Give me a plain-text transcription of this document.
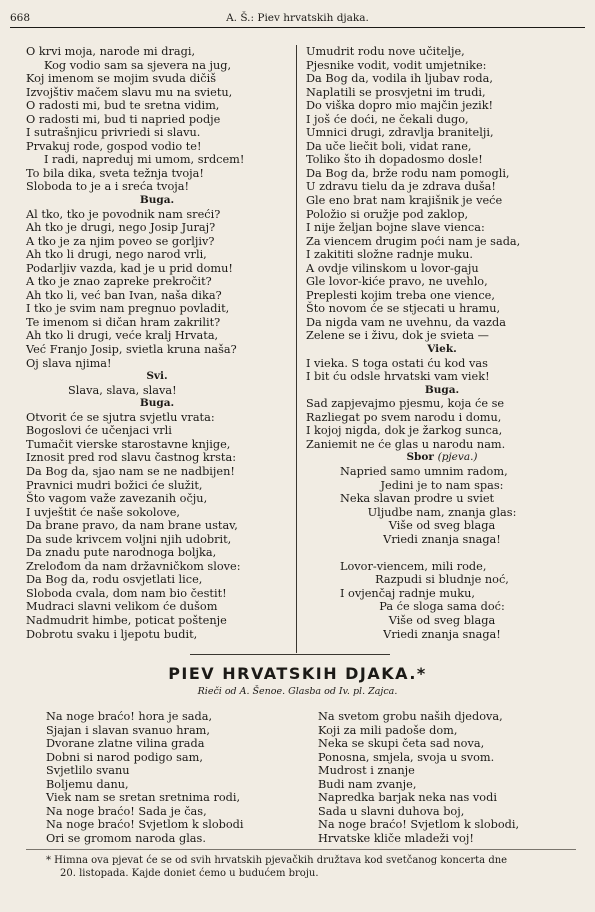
668	A. Š.: Piev hrvatskih djaka.
O krvi moja, narode mi dragi,
Kog vodio sam sa sjevera na jug,
Koj imenom se mojim svuda dičiš
Izvojštiv mačem slavu mu na svietu,
O radosti mi, bud te sretna vidim,
O radosti mi, bud ti napried podje
I sutrašnjicu privriedi si slavu.
Prvakuj rode, gospod vodio te!
I radi, napreduj mi umom, srdcem!
To bila dika, sveta težnja tvoja!
Sloboda to je a i sreća tvoja!
Buga.
Al tko, tko je povodnik nam sreći?
Ah tko je drugi, nego Josip Juraj?
A tko je za njim poveo se gorljiv?
Ah tko li drugi, nego narod vrli,
Podarljiv vazda, kad je u prid domu!
A tko je znao zapreke prekročit?
Ah tko li, već ban Ivan, naša dika?
I tko je svim nam pregnuo povladit,
Te imenom si dičan hram zakrilit?
Ah tko li drugi, veće kralj Hrvata,
Već Franjo Josip, svietla kruna naša?
Oj slava njima!
Svi.
Slava, slava, slava!
Buga.
Otvorit će se sjutra svjetlu vrata:
Bogoslovi će učenjaci vrli
Tumačit vierske starostavne knjige,
Iznosit pred rod slavu častnog krsta:
Da Bog da, sjao nam se ne nadbijen!
Pravnici mudri božici će služit,
Što vagom važe zavezanih očju,
I uvještit će naše sokolove,
Da brane pravo, da nam brane ustav,
Da sude krivcem voljni njih udobrit,
Da znadu pute narodnoga boljka,
Zrelođom da nam državničkom slove:
Da Bog da, rodu osvjetlati lice,
Sloboda cvala, dom nam bio čestit!
Mudraci slavni velikom će dušom
Nadmudrit himbe, poticat poštenje
Dobrotu svaku i ljepotu budit,
Umudrit rodu nove učitelje,
Pjesnike vodit, vodit umjetnike:
Da Bog da, vodila ih ljubav roda,
Naplatili se prosvjetni im trudi,
Do viška dopro mio majčin jezik!
I još će doći, ne čekali dugo,
Umnici drugi, zdravlja branitelji,
Da uče liečit boli, vidat rane,
Toliko što ih dopadosmo dosle!
Da Bog da, brže rodu nam pomogli,
U zdravu tielu da je zdrava duša!
Gle eno brat nam krajišnik je veće
Položio si oružje pod zaklop,
I nije željan bojne slave vienca:
Za viencem drugim poći nam je sada,
I zakititi složne radnje muku.
A ovdje vilinskom u lovor-gaju
Gle lovor-kiće pravo, ne uvehlo,
Preplesti kojim treba one vience,
Što novom će se stjecati u hramu,
Da nigda vam ne uvehnu, da vazda
Zelene se i živu, dok je svieta —
Viek.
I vieka. S toga ostati ću kod vas
I bit ću odsle hrvatski vam viek!
Buga.
Sad zapjevajmo pjesmu, koja će se
Razliegat po svem narodu i domu,
I kojoj nigda, dok je žarkog sunca,
Zaniemit ne će glas u narodu nam.
Sbor (pjeva.)
Napried samo umnim radom,
Jedini je to nam spas:
Neka slavan prodre u sviet
Uljudbe nam, znanja glas:
Više od sveg blaga
Vriedi znanja snaga!
Lovor-viencem, mili rode,
Razpudi si bludnje noć,
I ovjenčaj radnje muku,
Pa će sloga sama doć:
Više od sveg blaga
Vriedi znanja snaga!
PIEV HRVATSKIH DJAKA.*
Rieči od A. Šenoe. Glasba od Iv. pl. Zajca.
Na noge braćo! hora je sada,
Sjajan i slavan svanuo hram,
Dvorane zlatne vilina grada
Dobni si narod podigo sam,
Svjetlilo svanu
Boljemu danu,
Viek nam se sretan sretnima rodi,
Na noge braćo! Sada je čas,
Na noge braćo! Svjetlom k slobodi
Ori se gromom naroda glas.
Na svetom grobu naših djedova,
Koji za mili padoše dom,
Neka se skupi četa sad nova,
Ponosna, smjela, svoja u svom.
Mudrost i znanje
Budi nam zvanje,
Napredka barjak neka nas vodi
Sada u slavni duhova boj,
Na noge braćo! Svjetlom k slobodi,
Hrvatske kliče mladeži voj!
* Himna ova pjevat će se od svih hrvatskih pjevačkih družtava kod svetčanog koncerta dne
20. listopada. Kajde doniet ćemo u budućem broju.
